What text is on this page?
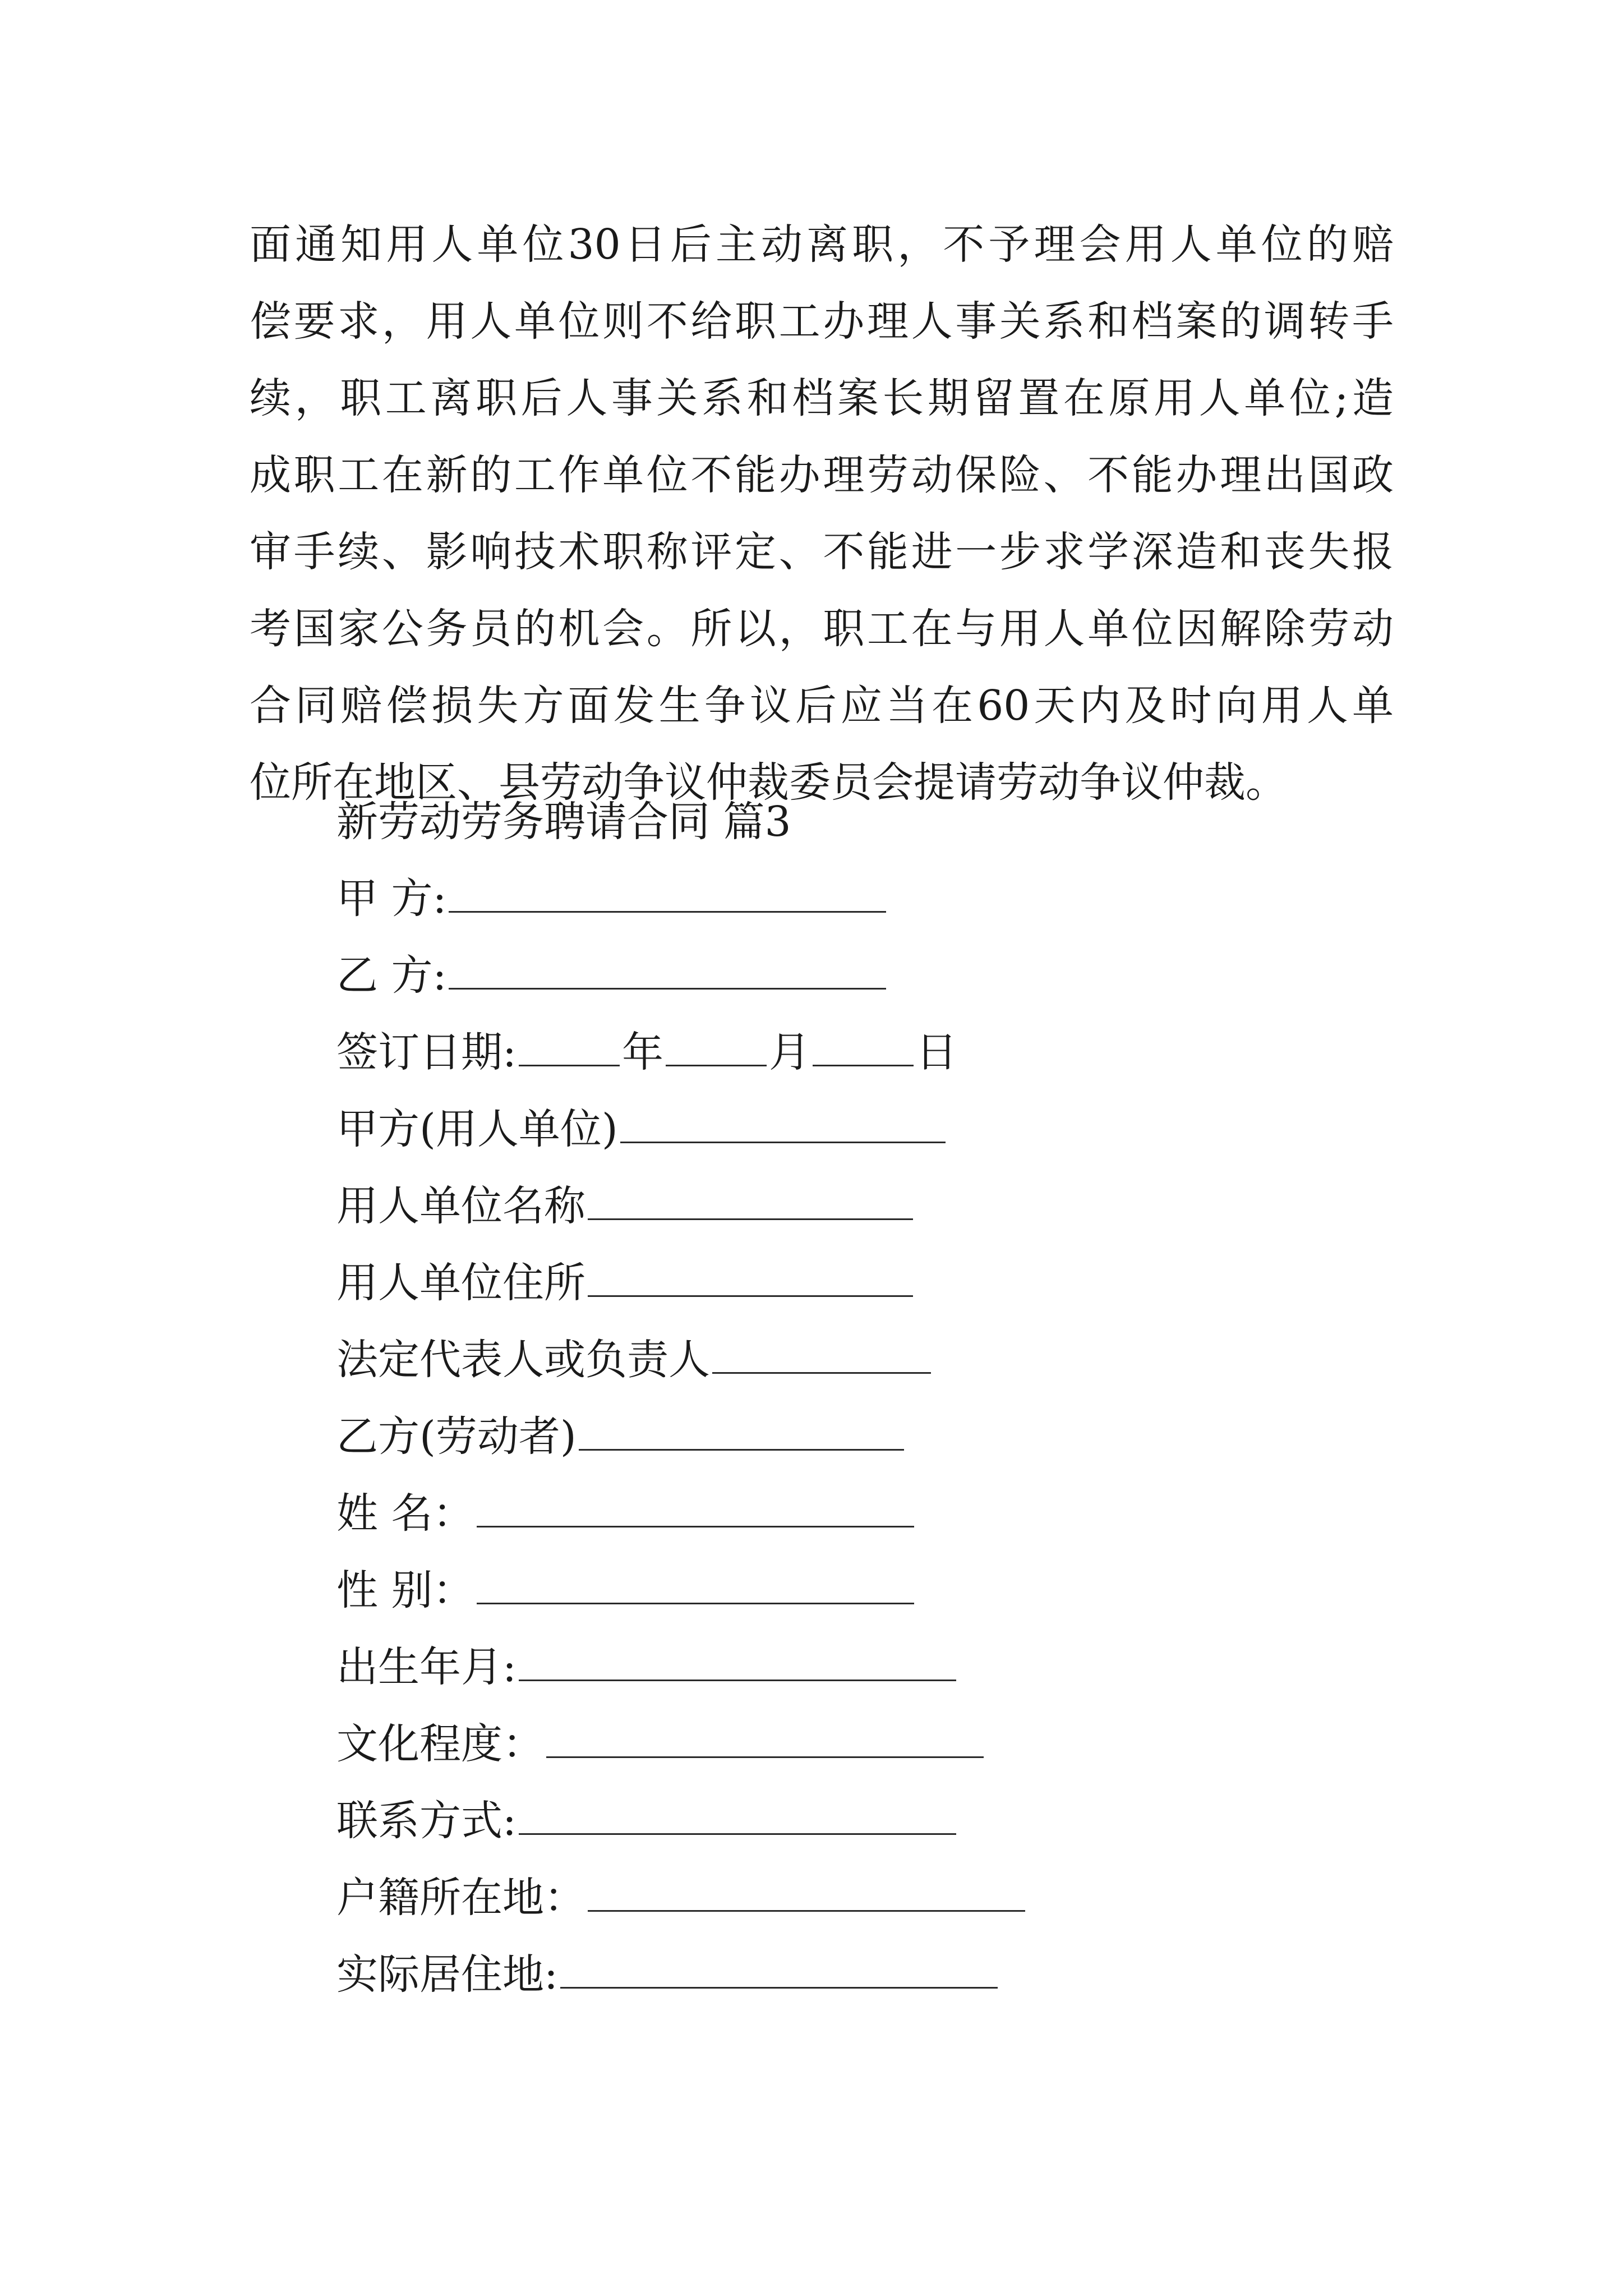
面通知用人单位30日后主动离职，不予理会用人单位的赔
偿要求，用人单位则不给职工办理人事关系和档案的调转手
续，职工离职后人事关系和档案长期留置在原用人单位;造
成职工在新的工作单位不能办理劳动保险、不能办理出国政
审手续、影响技术职称评定、不能进一步求学深造和丧失报
考国家公务员的机会。所以，职工在与用人单位因解除劳动
合同赔偿损失方面发生争议后应当在60天内及时向用人单
位所在地区、县劳动争议仲裁委员会提请劳动争议仲裁。
新劳动劳务聘请合同 篇3
甲 方:
乙 方:
签订日期:	年	月	日
甲方(用人单位)
用人单位名称
用人单位住所
法定代表人或负责人
乙方(劳动者)
姓 名：
性 别：
出生年月:
文化程度：
联系方式:
户籍所在地：
实际居住地:
